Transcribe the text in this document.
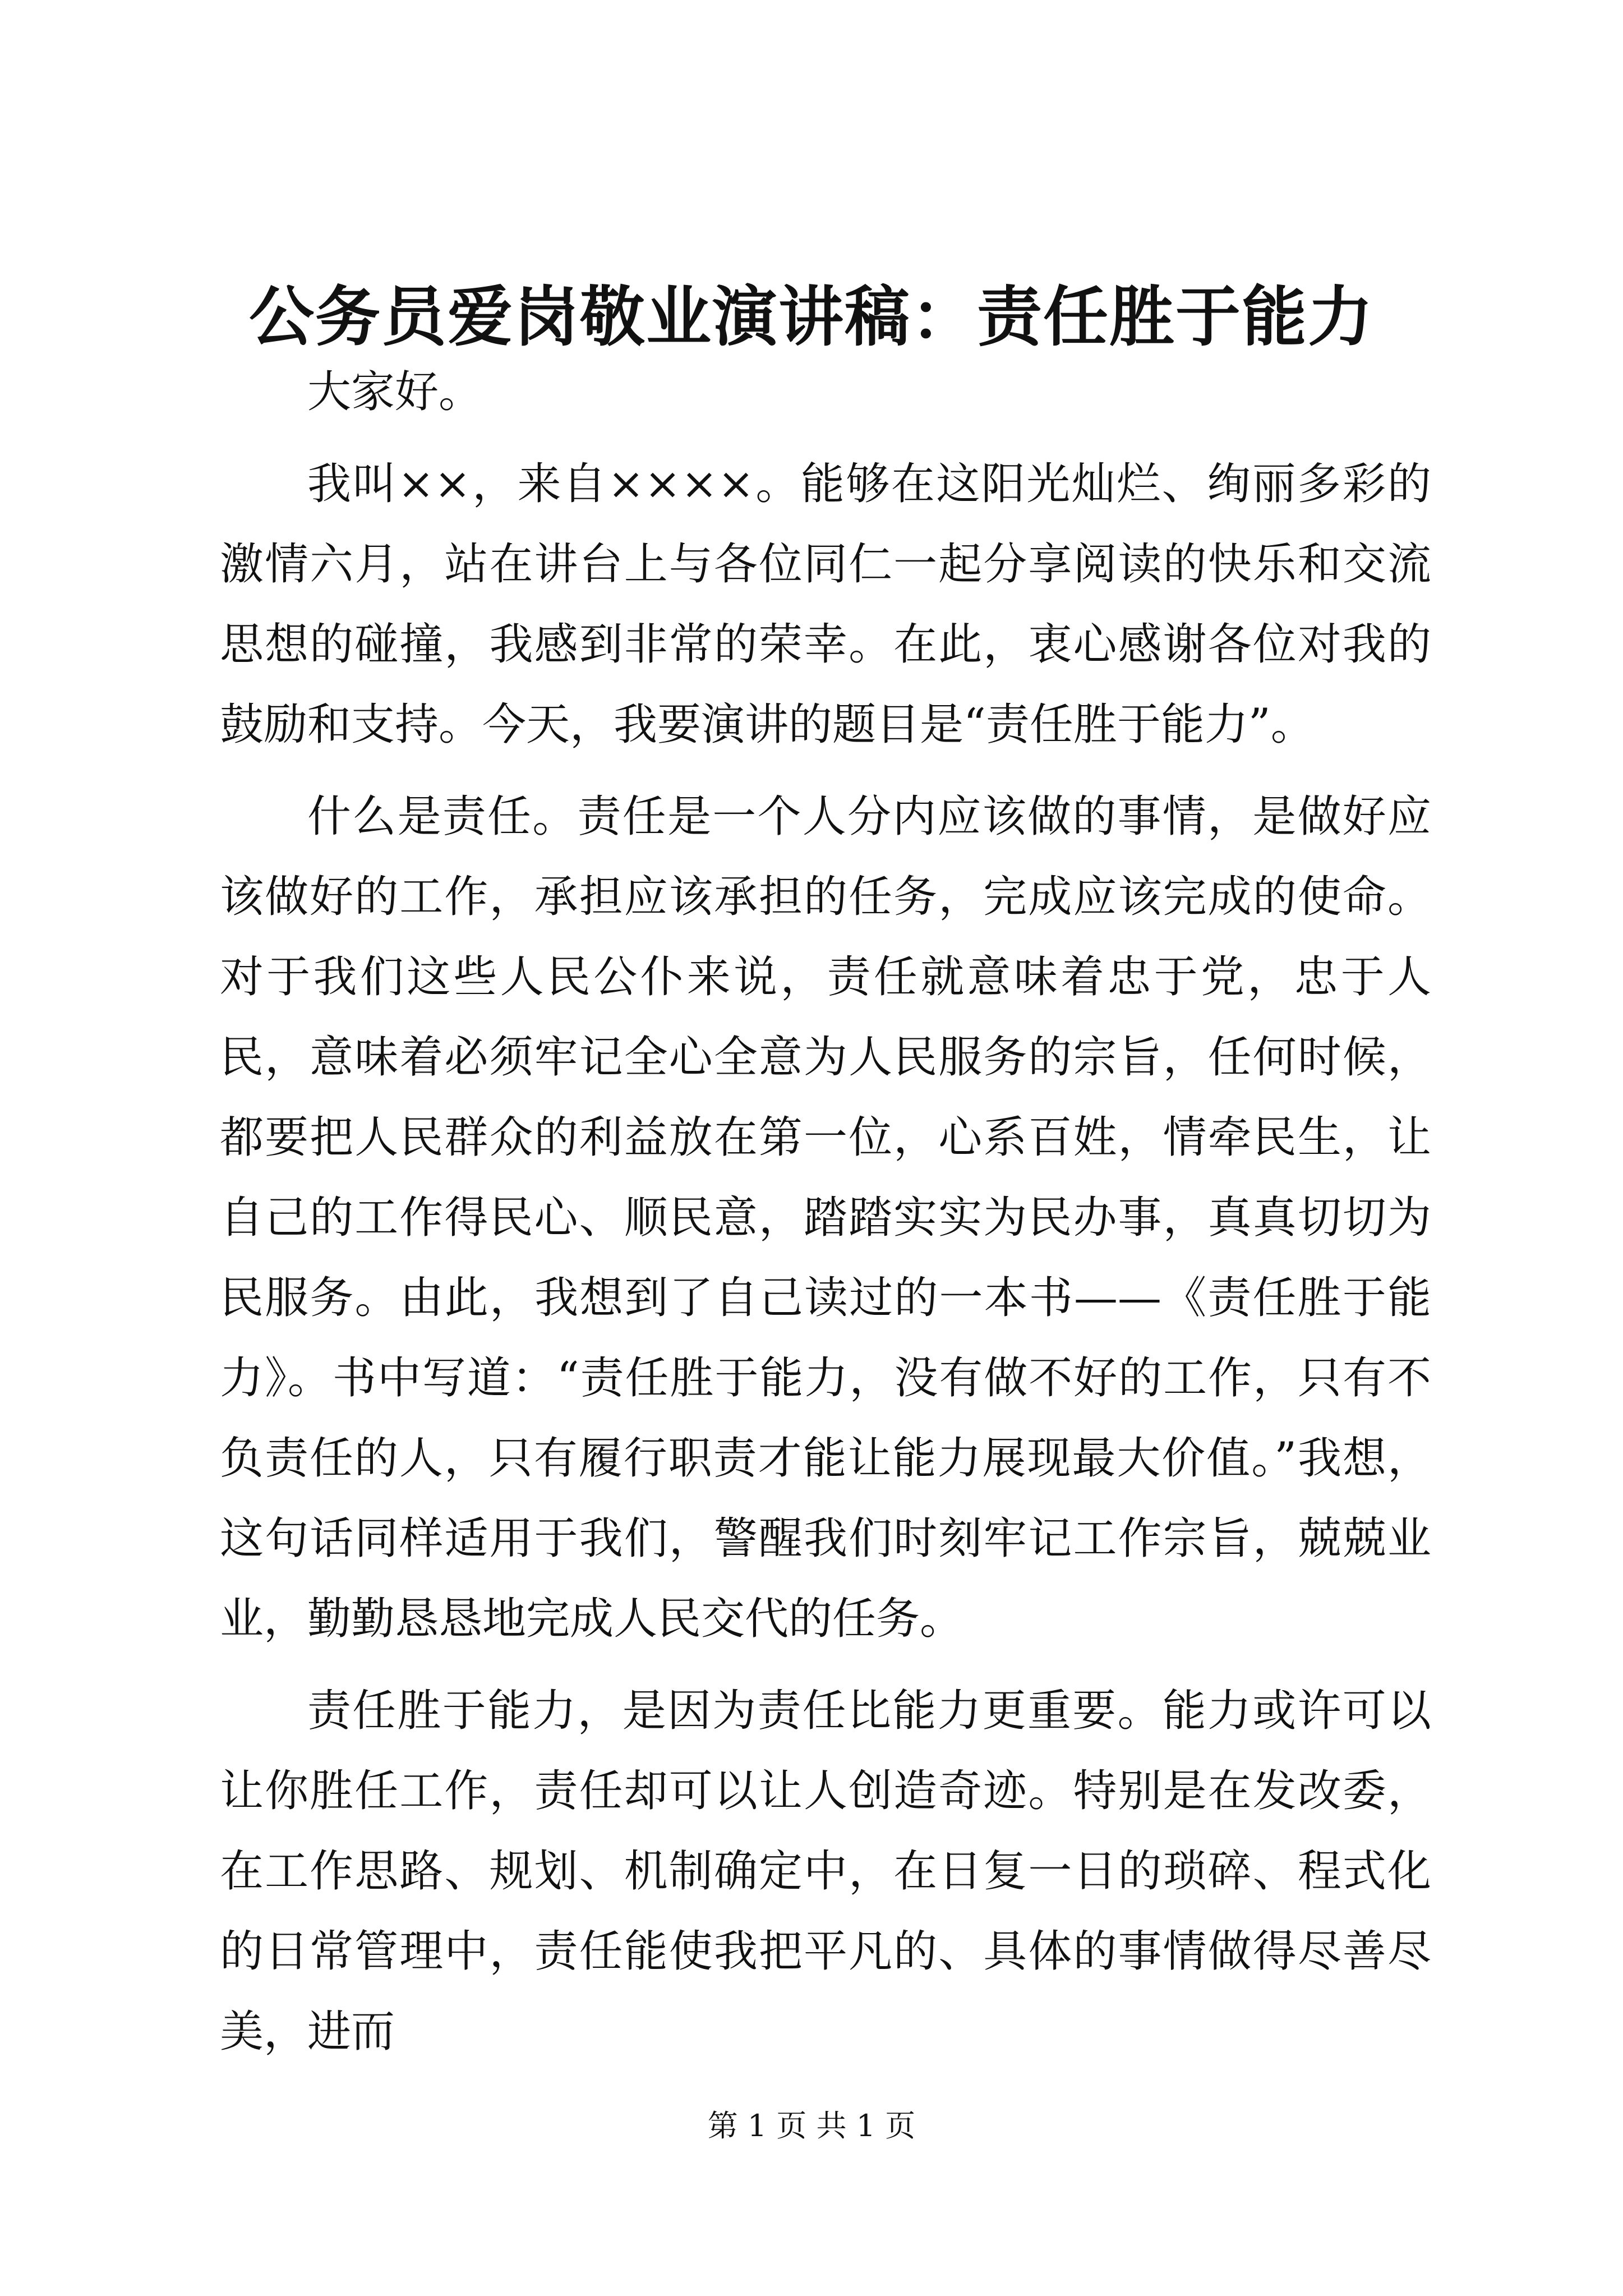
公务员爱岗敬业演讲稿：责任胜于能力

大家好。

我叫××，来自××××。能够在这阳光灿烂、绚丽多彩的激情六月，站在讲台上与各位同仁一起分享阅读的快乐和交流思想的碰撞，我感到非常的荣幸。在此，衷心感谢各位对我的鼓励和支持。今天，我要演讲的题目是“责任胜于能力”。

什么是责任。责任是一个人分内应该做的事情，是做好应该做好的工作，承担应该承担的任务，完成应该完成的使命。对于我们这些人民公仆来说，责任就意味着忠于党，忠于人民，意味着必须牢记全心全意为人民服务的宗旨，任何时候，都要把人民群众的利益放在第一位，心系百姓，情牵民生，让自己的工作得民心、顺民意，踏踏实实为民办事，真真切切为民服务。由此，我想到了自己读过的一本书——《责任胜于能力》。书中写道：“责任胜于能力，没有做不好的工作，只有不负责任的人，只有履行职责才能让能力展现最大价值。”我想，这句话同样适用于我们，警醒我们时刻牢记工作宗旨，兢兢业业，勤勤恳恳地完成人民交代的任务。

责任胜于能力，是因为责任比能力更重要。能力或许可以让你胜任工作，责任却可以让人创造奇迹。特别是在发改委，在工作思路、规划、机制确定中，在日复一日的琐碎、程式化的日常管理中，责任能使我把平凡的、具体的事情做得尽善尽美，进而

第 1 页 共 1 页
